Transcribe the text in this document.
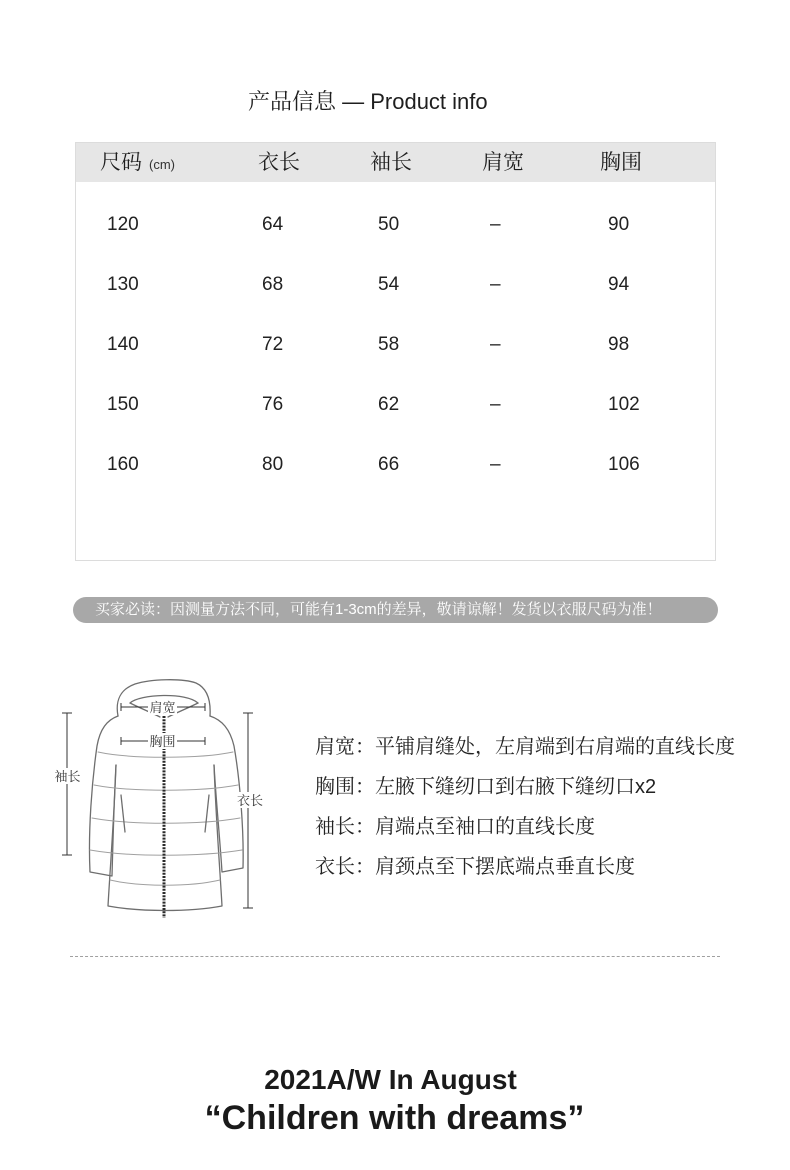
产品信息 — Product info
尺码 (cm)	衣长	袖长	肩宽	胸围
120	64	50	–	90
130	68	54	–	94
140	72	58	–	98
150	76	62	–	102
160	80	66	–	106
买家必读：因测量方法不同，可能有1-3cm的差异，敬请谅解！发货以衣服尺码为准！
肩宽
胸围
袖长
衣长
肩宽：平铺肩缝处，左肩端到右肩端的直线长度
胸围：左腋下缝纫口到右腋下缝纫口x2
袖长：肩端点至袖口的直线长度
衣长：肩颈点至下摆底端点垂直长度
2021A/W In August
“Children with dreams”
